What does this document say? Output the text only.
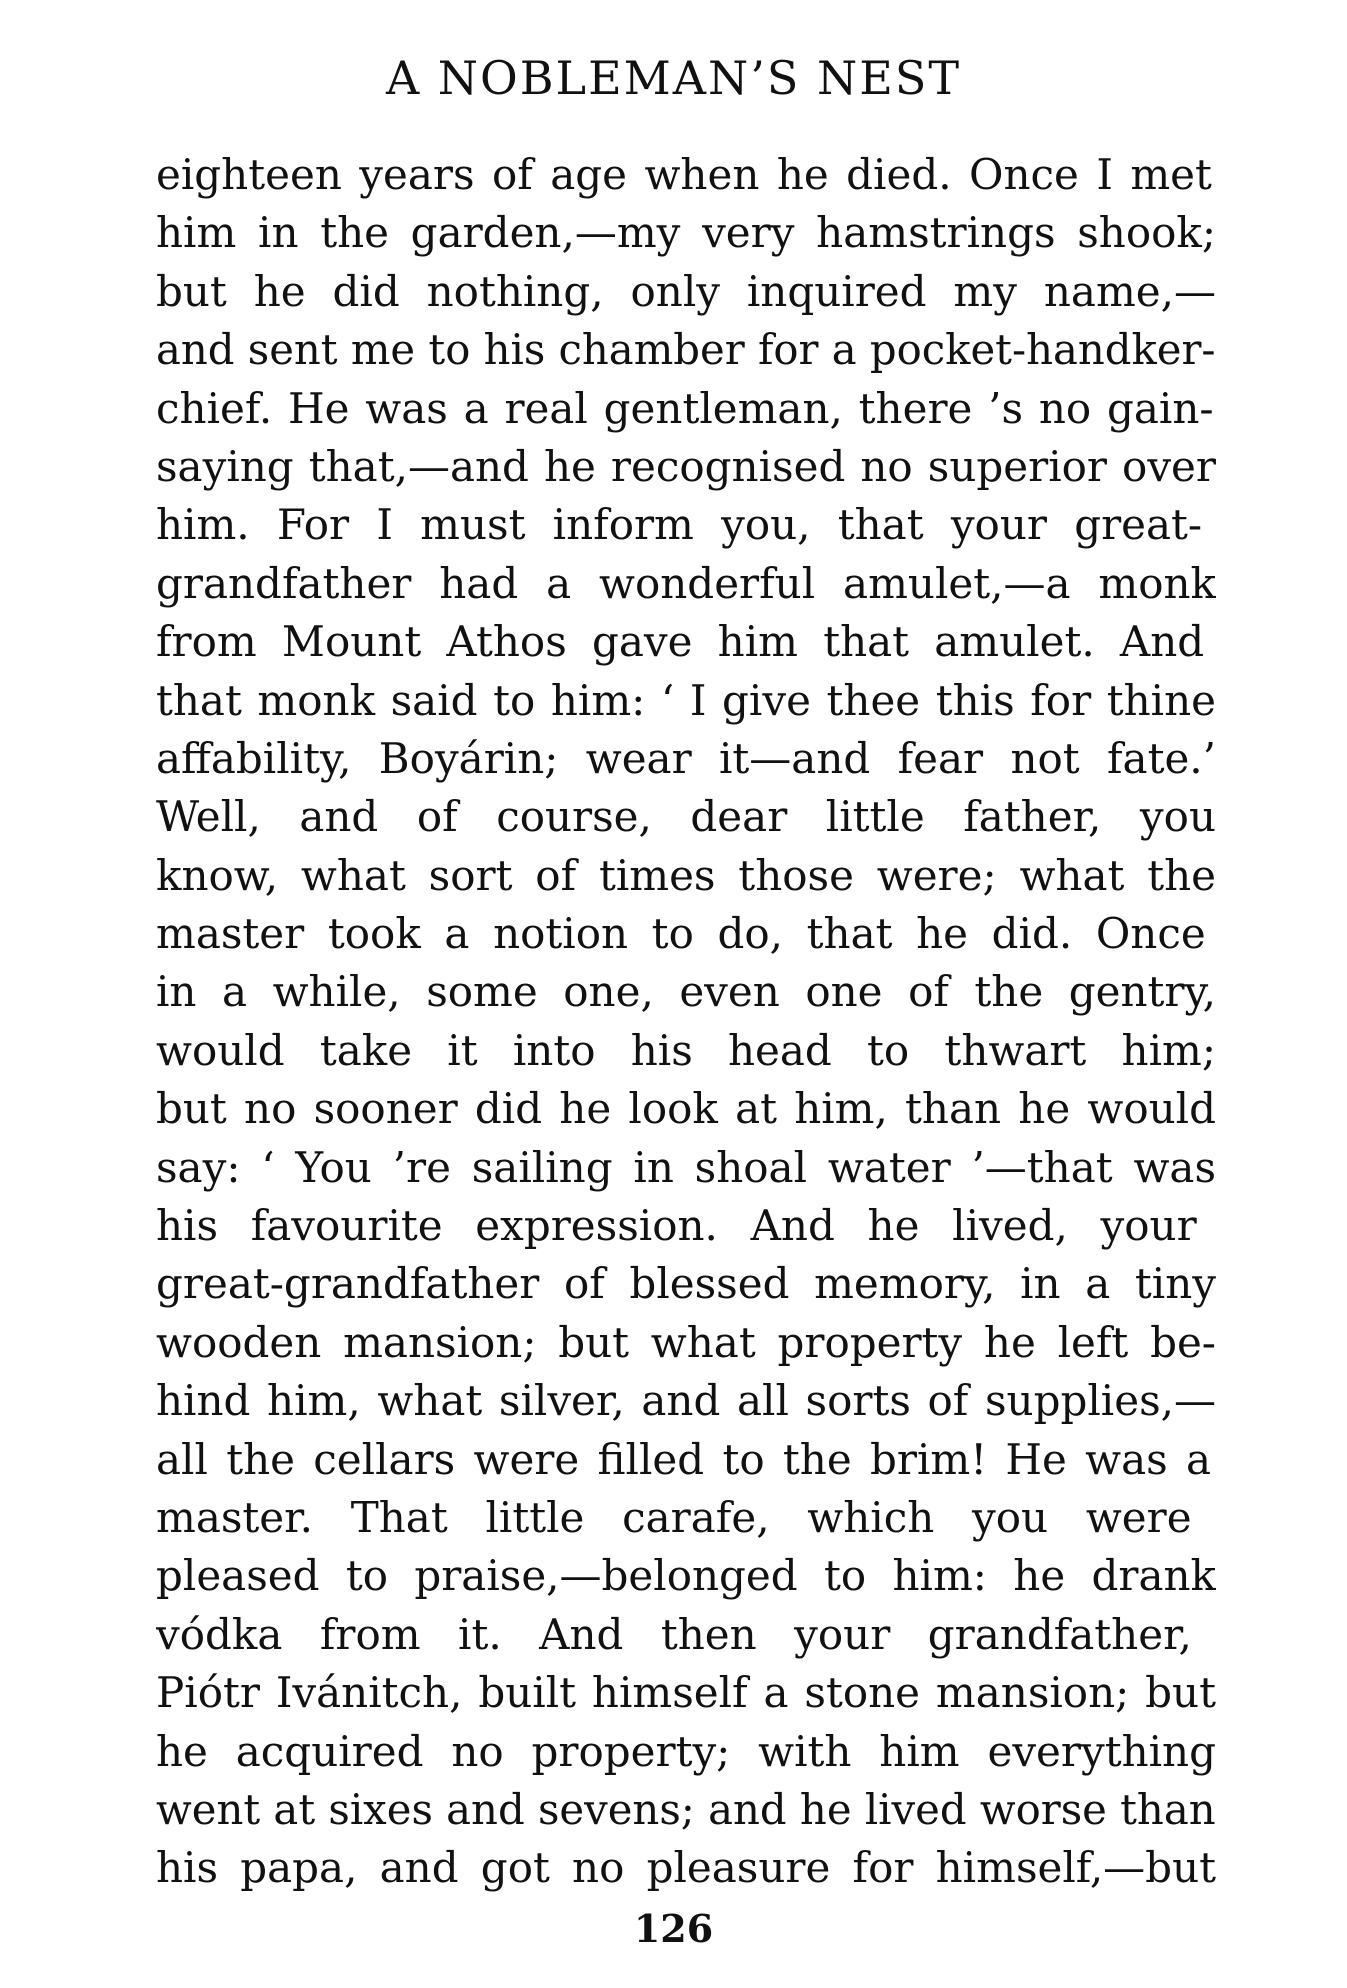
A NOBLEMAN’S NEST
eighteen years of age when he died. Once I met
him in the garden,—my very hamstrings shook;
but he did nothing, only inquired my name,—
and sent me to his chamber for a pocket-handker-
chief. He was a real gentleman, there ’s no gain-
saying that,—and he recognised no superior over
him. For I must inform you, that your great-
grandfather had a wonderful amulet,—a monk
from Mount Athos gave him that amulet. And
that monk said to him: ‘ I give thee this for thine
affability, Boyárin; wear it—and fear not fate.’
Well, and of course, dear little father, you
know, what sort of times those were; what the
master took a notion to do, that he did. Once
in a while, some one, even one of the gentry,
would take it into his head to thwart him;
but no sooner did he look at him, than he would
say: ‘ You ’re sailing in shoal water ’—that was
his favourite expression. And he lived, your
great-grandfather of blessed memory, in a tiny
wooden mansion; but what property he left be-
hind him, what silver, and all sorts of supplies,—
all the cellars were filled to the brim! He was a
master. That little carafe, which you were
pleased to praise,—belonged to him: he drank
vódka from it. And then your grandfather,
Piótr Ivánitch, built himself a stone mansion; but
he acquired no property; with him everything
went at sixes and sevens; and he lived worse than
his papa, and got no pleasure for himself,—but
126
